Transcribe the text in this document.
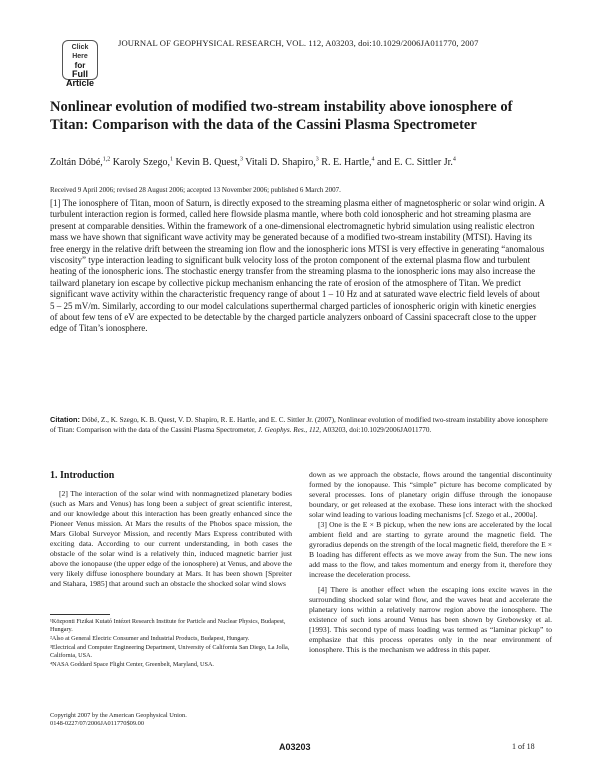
Click
Here
for
Full Article
JOURNAL OF GEOPHYSICAL RESEARCH, VOL. 112, A03203, doi:10.1029/2006JA011770, 2007
Nonlinear evolution of modified two-stream instability above ionosphere of Titan: Comparison with the data of the Cassini Plasma Spectrometer
Zoltán Dóbé,$^{1,2}$ Karoly Szego,$^1$ Kevin B. Quest,$^3$ Vitali D. Shapiro,$^3$ R. E. Hartle,$^4$ and E. C. Sittler Jr.$^4$
Received 9 April 2006; revised 28 August 2006; accepted 13 November 2006; published 6 March 2007.

[1] The ionosphere of Titan, moon of Saturn, is directly exposed to the streaming plasma either of magnetospheric or solar wind origin. A turbulent interaction region is formed, called here flowside plasma mantle, where both cold ionospheric and hot streaming plasma are present at comparable densities. Within the framework of a one-dimensional electromagnetic hybrid simulation using realistic electron mass we have shown that significant wave activity may be generated because of a modified two-stream instability (MTSI). Having its free energy in the relative drift between the streaming ion flow and the ionospheric ions MTSI is very effective in generating “anomalous viscosity” type interaction leading to significant bulk velocity loss of the proton component of the external plasma flow and turbulent heating of the ionospheric ions. The stochastic energy transfer from the streaming plasma to the ionospheric ions may also increase the tailward planetary ion escape by collective pickup mechanism enhancing the rate of erosion of the atmosphere of Titan. We predict significant wave activity within the characteristic frequency range of about 1 – 10 Hz and at saturated wave electric field levels of about 5 – 25 mV/m. Similarly, according to our model calculations superthermal charged particles of ionospheric origin with kinetic energies of about few tens of eV are expected to be detectable by the charged particle analyzers onboard of Cassini spacecraft close to the upper edge of Titan’s ionosphere.

Citation: Dóbé, Z., K. Szego, K. B. Quest, V. D. Shapiro, R. E. Hartle, and E. C. Sittler Jr. (2007), Nonlinear evolution of modified two-stream instability above ionosphere of Titan: Comparison with the data of the Cassini Plasma Spectrometer, J. Geophys. Res., 112, A03203, doi:10.1029/2006JA011770.

1. Introduction

[2] The interaction of the solar wind with nonmagnetized planetary bodies (such as Mars and Venus) has long been a subject of great scientific interest, and our knowledge about this interaction has been greatly enhanced since the Pioneer Venus mission. At Mars the results of the Phobos space mission, the Mars Global Surveyor Mission, and recently Mars Express contributed with exciting data. According to our current understanding, in both cases the obstacle of the solar wind is a relatively thin, induced magnetic barrier just above the ionopause (the upper edge of the ionosphere) at Venus, and above the very likely diffuse ionosphere boundary at Mars. It has been shown [Spreiter and Stahara, 1985] that around such an obstacle the shocked solar wind slows

down as we approach the obstacle, flows around the tangential discontinuity formed by the ionopause. This “simple” picture has become complicated by several processes. Ions of planetary origin diffuse through the ionopause boundary, or get released at the exobase. These ions interact with the shocked solar wind leading to various loading mechanisms [cf. Szego et al., 2000a].

[3] One is the E × B pickup, when the new ions are accelerated by the local ambient field and are starting to gyrate around the magnetic field. The gyroradius depends on the strength of the local magnetic field, therefore the E × B loading has different effects as we move away from the Sun. The new ions add mass to the flow, and takes momentum and energy from it, therefore they increase the deceleration process.

[4] There is another effect when the escaping ions excite waves in the surrounding shocked solar wind flow, and the waves heat and accelerate the planetary ions within a relatively narrow region above the ionosphere. The existence of such ions around Venus has been shown by Grebowsky et al. [1993]. This second type of mass loading was termed as “laminar pickup” to emphasize that this process operates only in the near environment of ionosphere. This is the mechanism we address in this paper.

¹Központi Fizikai Kutató Intézet Research Institute for Particle and Nuclear Physics, Budapest, Hungary.
²Also at General Electric Consumer and Industrial Products, Budapest, Hungary.
³Electrical and Computer Engineering Department, University of California San Diego, La Jolla, California, USA.
⁴NASA Goddard Space Flight Center, Greenbelt, Maryland, USA.
Copyright 2007 by the American Geophysical Union.
0148-0227/07/2006JA011770$09.00
A03203	1 of 18
